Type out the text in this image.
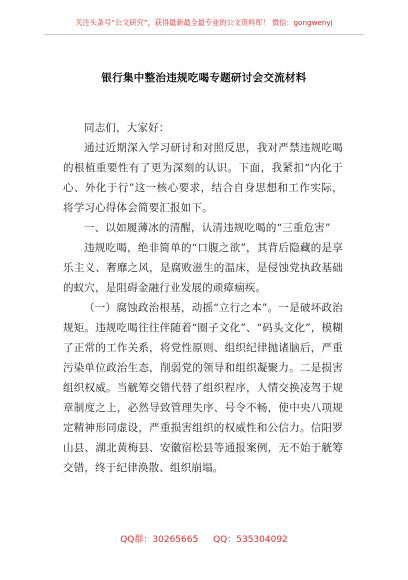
关注头条号“公文研究”，获得最新最全最专业的公文资料库！ 微信：gongwenyj
银行集中整治违规吃喝专题研讨会交流材料

同志们，大家好：

通过近期深入学习研讨和对照反思，我对严禁违规吃喝的根植重要性有了更为深刻的认识。下面，我紧扣“内化于心、外化于行”这一核心要求，结合自身思想和工作实际，将学习心得体会简要汇报如下。

一、以如履薄冰的清醒，认清违规吃喝的“三重危害”

违规吃喝，绝非简单的“口腹之欲”，其背后隐藏的是享乐主义、奢靡之风，是腐败滋生的温床，是侵蚀党执政基础的蚁穴，是阻碍金融行业发展的顽瘴痼疾。

（一）腐蚀政治根基，动摇“立行之本”。一是破坏政治规矩。违规吃喝往往伴随着“圈子文化”、“码头文化”，模糊了正常的工作关系，将党性原则、组织纪律抛诸脑后，严重污染单位政治生态，削弱党的领导和组织凝聚力。二是损害组织权威。当觥筹交错代替了组织程序，人情交换凌驾于规章制度之上，必然导致管理失序、号令不畅，使中央八项规定精神形同虚设，严重损害组织的权威性和公信力。信阳罗山县、湖北黄梅县、安徽宿松县等通报案例，无不始于觥筹交错，终于纪律涣散、组织崩塌。

QQ群：30265665 QQ：535304092
